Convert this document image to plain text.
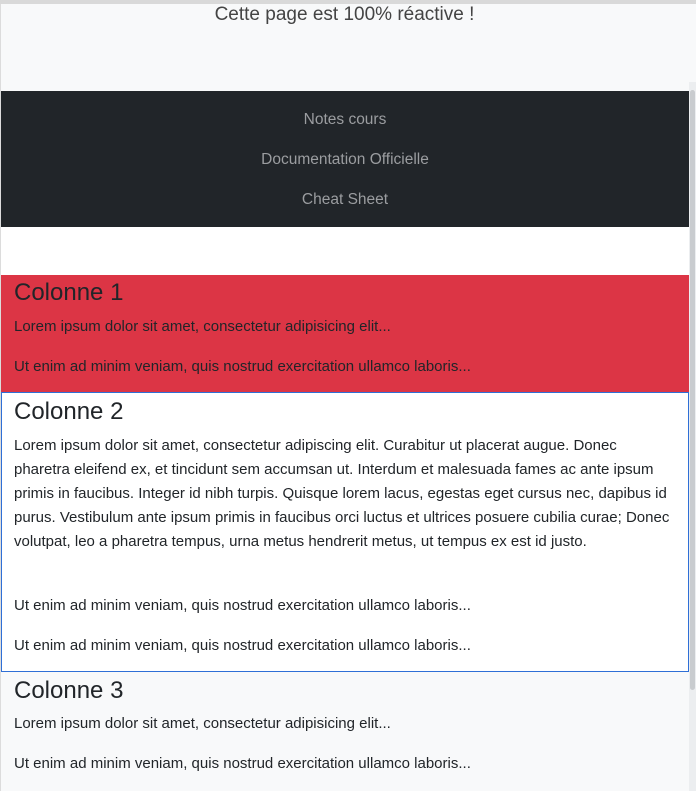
Cette page est 100% réactive !
Notes cours
Documentation Officielle
Cheat Sheet
Colonne 1

Lorem ipsum dolor sit amet, consectetur adipisicing elit...

Ut enim ad minim veniam, quis nostrud exercitation ullamco laboris...

Colonne 2

Lorem ipsum dolor sit amet, consectetur adipiscing elit. Curabitur ut placerat augue. Donec pharetra eleifend ex, et tincidunt sem accumsan ut. Interdum et malesuada fames ac ante ipsum primis in faucibus. Integer id nibh turpis. Quisque lorem lacus, egestas eget cursus nec, dapibus id purus. Vestibulum ante ipsum primis in faucibus orci luctus et ultrices posuere cubilia curae; Donec volutpat, leo a pharetra tempus, urna metus hendrerit metus, ut tempus ex est id justo.

Ut enim ad minim veniam, quis nostrud exercitation ullamco laboris...

Ut enim ad minim veniam, quis nostrud exercitation ullamco laboris...

Colonne 3

Lorem ipsum dolor sit amet, consectetur adipisicing elit...

Ut enim ad minim veniam, quis nostrud exercitation ullamco laboris...
